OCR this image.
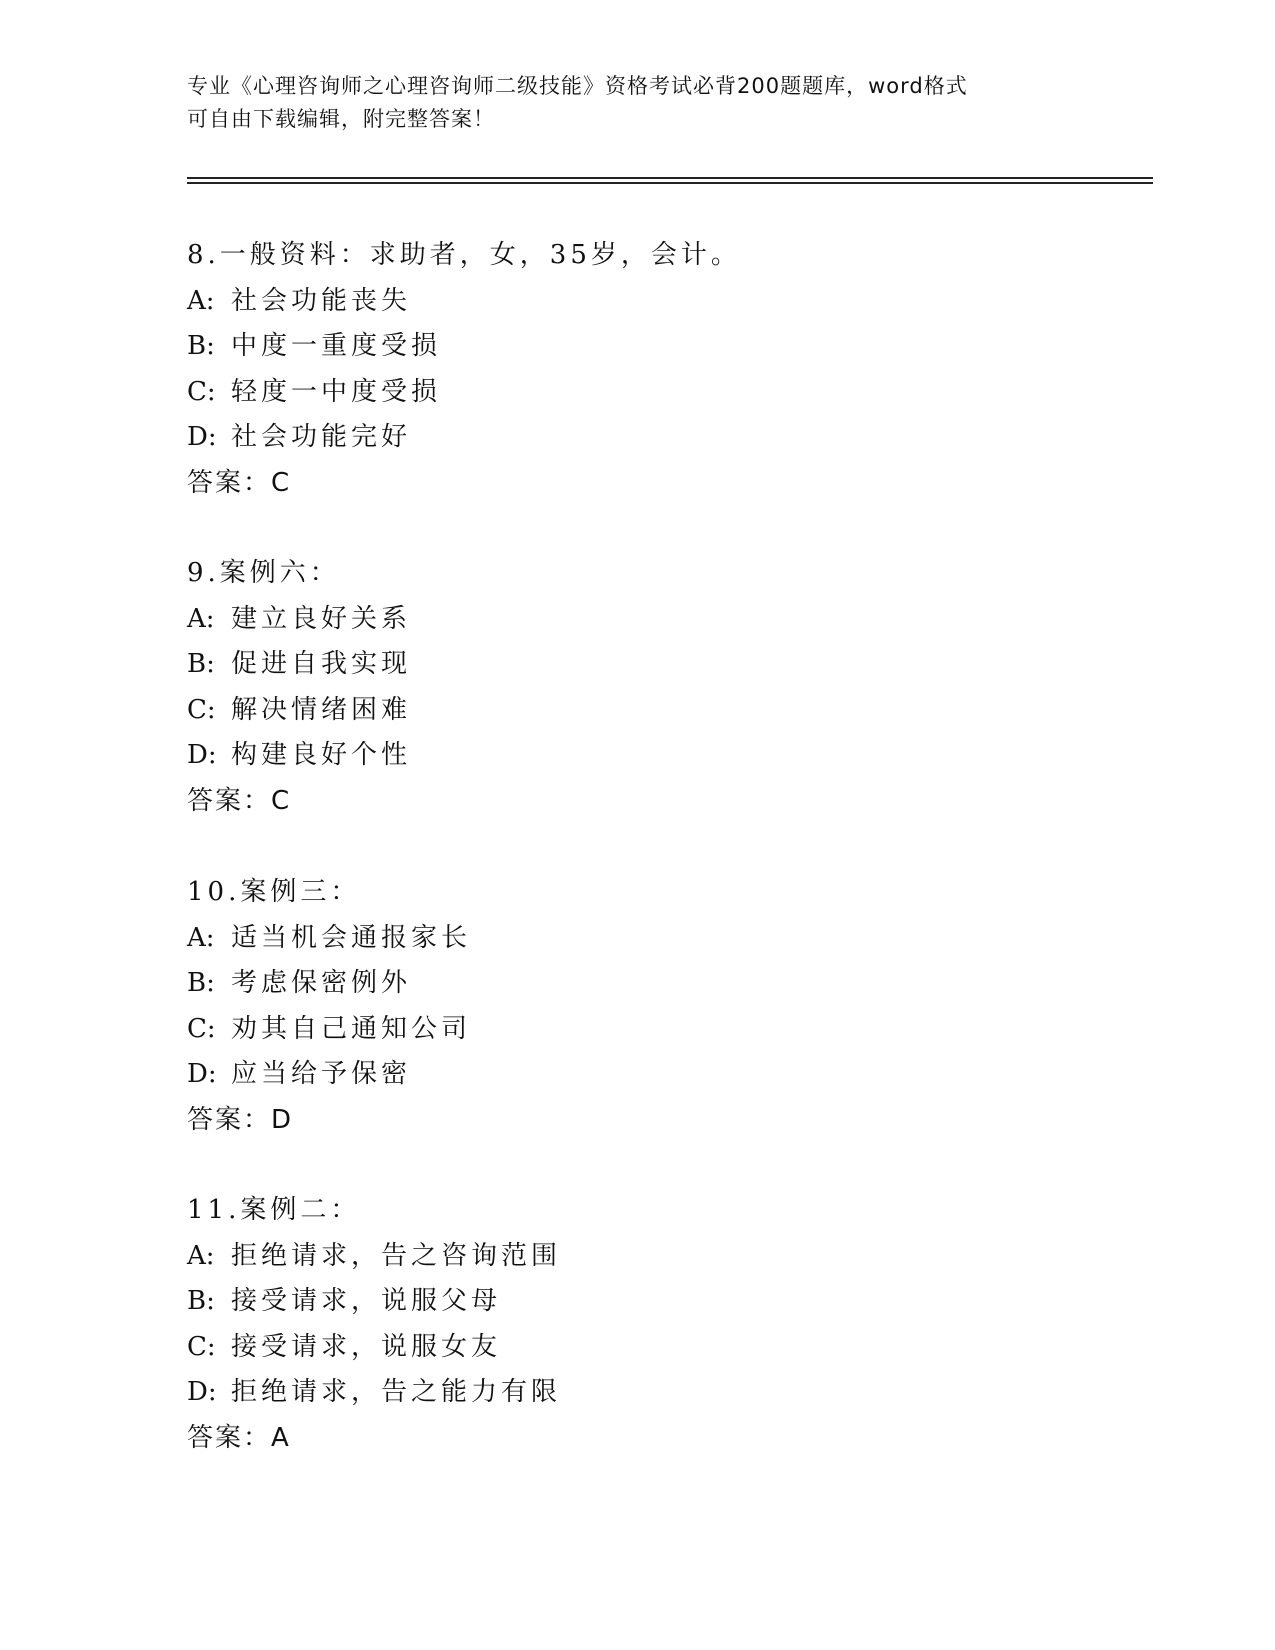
专业《心理咨询师之心理咨询师二级技能》资格考试必背200题题库，word格式
可自由下载编辑，附完整答案！
8.一般资料：求助者，女，35岁，会计。
A: 社会功能丧失
B: 中度一重度受损
C: 轻度一中度受损
D: 社会功能完好
答案：C
9.案例六：
A: 建立良好关系
B: 促进自我实现
C: 解决情绪困难
D: 构建良好个性
答案：C
10.案例三：
A: 适当机会通报家长
B: 考虑保密例外
C: 劝其自己通知公司
D: 应当给予保密
答案：D
11.案例二：
A: 拒绝请求，告之咨询范围
B: 接受请求，说服父母
C: 接受请求，说服女友
D: 拒绝请求，告之能力有限
答案：A
